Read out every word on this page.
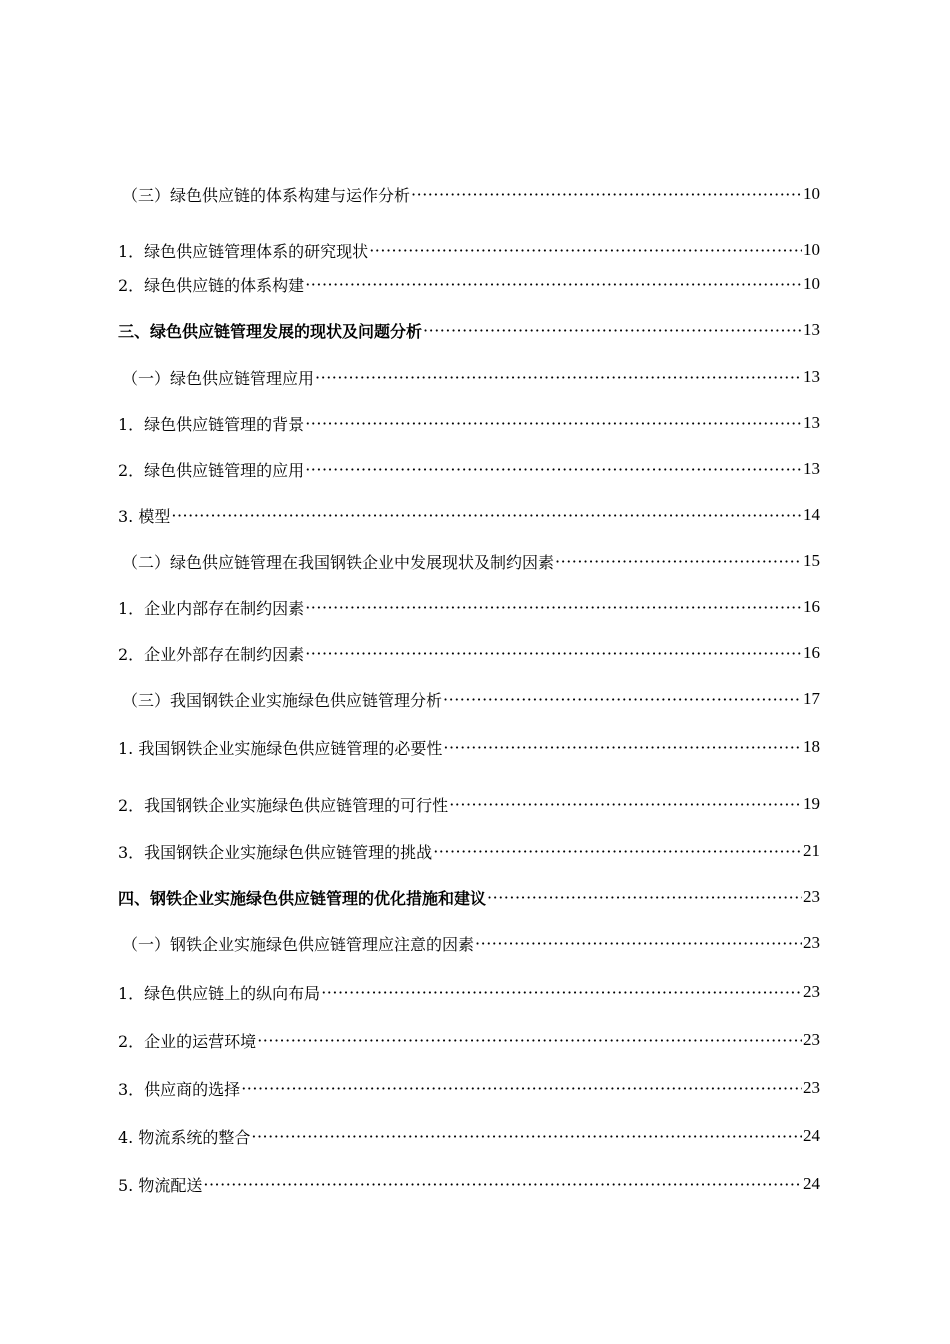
（三）绿色供应链的体系构建与运作分析 ·····	10
1．绿色供应链管理体系的研究现状 ·····	10
2．绿色供应链的体系构建 ·····	10
三、绿色供应链管理发展的现状及问题分析 ·····	13
（一）绿色供应链管理应用 ·····	13
1．绿色供应链管理的背景 ·····	13
2．绿色供应链管理的应用 ·····	13
3. 模型 ·····	14
（二）绿色供应链管理在我国钢铁企业中发展现状及制约因素 ·····	15
1．企业内部存在制约因素 ·····	16
2．企业外部存在制约因素 ·····	16
（三）我国钢铁企业实施绿色供应链管理分析 ·····	17
1. 我国钢铁企业实施绿色供应链管理的必要性 ·····	18
2．我国钢铁企业实施绿色供应链管理的可行性 ·····	19
3．我国钢铁企业实施绿色供应链管理的挑战 ·····	21
四、钢铁企业实施绿色供应链管理的优化措施和建议 ·····	23
（一）钢铁企业实施绿色供应链管理应注意的因素 ·····	23
1．绿色供应链上的纵向布局 ·····	23
2．企业的运营环境 ·····	23
3．供应商的选择 ·····	23
4. 物流系统的整合 ·····	24
5. 物流配送 ·····	24
